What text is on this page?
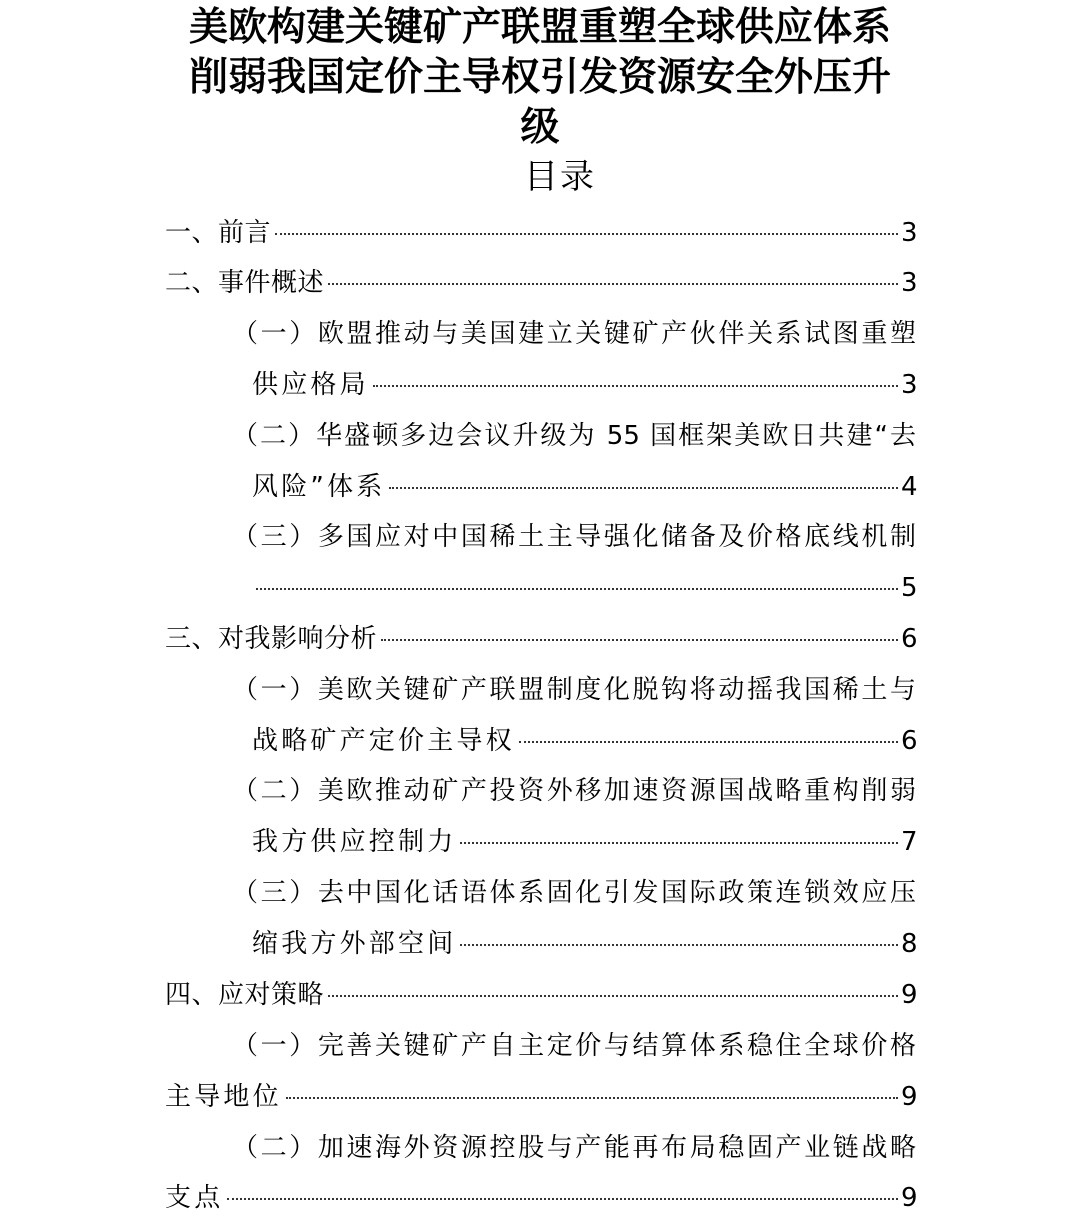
美欧构建关键矿产联盟重塑全球供应体系
削弱我国定价主导权引发资源安全外压升
级
目录
一、前言	3
二、事件概述	3
（一）欧盟推动与美国建立关键矿产伙伴关系试图重塑
供应格局	3
（二）华盛顿多边会议升级为 55 国框架美欧日共建“去
风险”体系	4
（三）多国应对中国稀土主导强化储备及价格底线机制
5
三、对我影响分析	6
（一）美欧关键矿产联盟制度化脱钩将动摇我国稀土与
战略矿产定价主导权	6
（二）美欧推动矿产投资外移加速资源国战略重构削弱
我方供应控制力	7
（三）去中国化话语体系固化引发国际政策连锁效应压
缩我方外部空间	8
四、应对策略	9
（一）完善关键矿产自主定价与结算体系稳住全球价格
主导地位	9
（二）加速海外资源控股与产能再布局稳固产业链战略
支点	9
